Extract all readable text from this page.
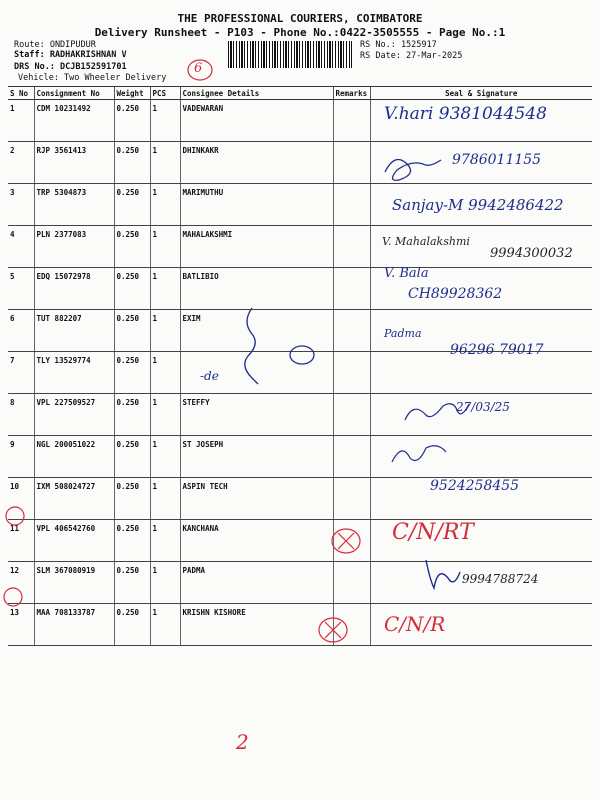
THE PROFESSIONAL COURIERS, COIMBATORE
Delivery Runsheet - P103 - Phone No.:0422-3505555 - Page No.:1
Route: ONDIPUDUR
Staff: RADHAKRISHNAN V
DRS No.: DCJB152591701
Vehicle: Two Wheeler Delivery
RS No.: 1525917
RS Date: 27-Mar-2025
S No	Consignment No	Weight	PCS	Consignee Details	Remarks	Seal & Signature
1	CDM 10231492	0.250	1	VADEWARAN		
2	RJP 3561413	0.250	1	DHINKAKR		
3	TRP 5304873	0.250	1	MARIMUTHU		
4	PLN 2377083	0.250	1	MAHALAKSHMI		
5	EDQ 15072978	0.250	1	BATLIBIO		
6	TUT 882207	0.250	1	EXIM		
7	TLY 13529774	0.250	1			
8	VPL 227509527	0.250	1	STEFFY		
9	NGL 200051022	0.250	1	ST JOSEPH		
10	IXM 508024727	0.250	1	ASPIN TECH		
11	VPL 406542760	0.250	1	KANCHANA		
12	SLM 367080919	0.250	1	PADMA		
13	MAA 708133787	0.250	1	KRISHN KISHORE		
6
V.hari 9381044548
9786011155
Sanjay-M 9942486422
V. Mahalakshmi
9994300032
V. Bala
CH89928362
Padma
96296 79017
-de
27/03/25
9524258455
C/N/RT
9994788724
C/N/R
2
